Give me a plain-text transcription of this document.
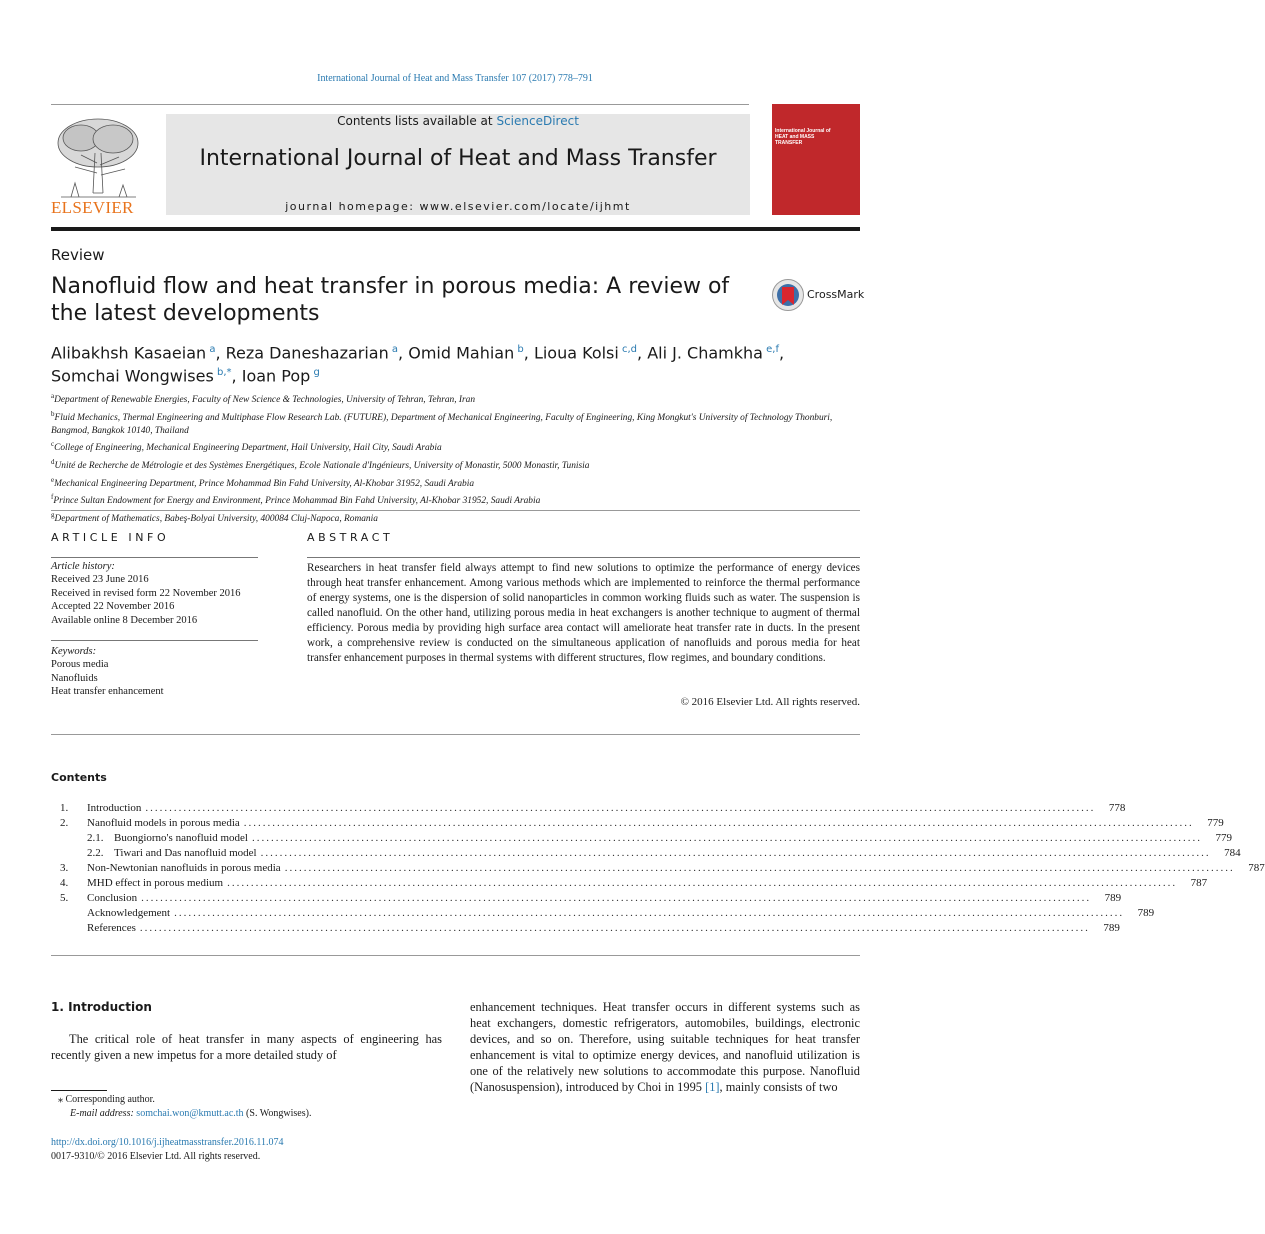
International Journal of Heat and Mass Transfer 107 (2017) 778–791
ELSEVIER
Contents lists available at ScienceDirect
International Journal of Heat and Mass Transfer
journal homepage: www.elsevier.com/locate/ijhmt
International Journal of HEAT and MASS TRANSFER
Review
Nanofluid flow and heat transfer in porous media: A review of the latest developments
CrossMark
Alibakhsh Kasaeian $^a$, Reza Daneshazarian $^a$, Omid Mahian $^b$, Lioua Kolsi $^{c,d}$, Ali J. Chamkha $^{e,f}$,
Somchai Wongwises $^{b,*}$, Ioan Pop $^g$
$^a$Department of Renewable Energies, Faculty of New Science & Technologies, University of Tehran, Tehran, Iran
$^b$Fluid Mechanics, Thermal Engineering and Multiphase Flow Research Lab. (FUTURE), Department of Mechanical Engineering, Faculty of Engineering, King Mongkut's University of Technology Thonburi, Bangmod, Bangkok 10140, Thailand
$^c$College of Engineering, Mechanical Engineering Department, Hail University, Hail City, Saudi Arabia
$^d$Unité de Recherche de Métrologie et des Systèmes Energétiques, Ecole Nationale d'Ingénieurs, University of Monastir, 5000 Monastir, Tunisia
$^e$Mechanical Engineering Department, Prince Mohammad Bin Fahd University, Al-Khobar 31952, Saudi Arabia
$^f$Prince Sultan Endowment for Energy and Environment, Prince Mohammad Bin Fahd University, Al-Khobar 31952, Saudi Arabia
$^g$Department of Mathematics, Babeş-Bolyai University, 400084 Cluj-Napoca, Romania
ARTICLE INFO
Article history:
Received 23 June 2016
Received in revised form 22 November 2016
Accepted 22 November 2016
Available online 8 December 2016
Keywords:
Porous media
Nanofluids
Heat transfer enhancement
ABSTRACT
Researchers in heat transfer field always attempt to find new solutions to optimize the performance of energy devices through heat transfer enhancement. Among various methods which are implemented to reinforce the thermal performance of energy systems, one is the dispersion of solid nanoparticles in common working fluids such as water. The suspension is called nanofluid. On the other hand, utilizing porous media in heat exchangers is another technique to augment of thermal efficiency. Porous media by providing high surface area contact will ameliorate heat transfer rate in ducts. In the present work, a comprehensive review is conducted on the simultaneous application of nanofluids and porous media for heat transfer enhancement purposes in thermal systems with different structures, flow regimes, and boundary conditions.
© 2016 Elsevier Ltd. All rights reserved.
Contents
1.	Introduction ........................................................................................................................................................................................................	778
2.	Nanofluid models in porous media ........................................................................................................................................................................................................	779
2.1. Buongiorno's nanofluid model ........................................................................................................................................................................................................	779
2.2. Tiwari and Das nanofluid model ........................................................................................................................................................................................................	784
3.	Non-Newtonian nanofluids in porous media ........................................................................................................................................................................................................	787
4.	MHD effect in porous medium ........................................................................................................................................................................................................	787
5.	Conclusion ........................................................................................................................................................................................................	789
Acknowledgement ........................................................................................................................................................................................................	789
References ........................................................................................................................................................................................................	789
1. Introduction
The critical role of heat transfer in many aspects of engineering has recently given a new impetus for a more detailed study of
enhancement techniques. Heat transfer occurs in different systems such as heat exchangers, domestic refrigerators, automobiles, buildings, electronic devices, and so on. Therefore, using suitable techniques for heat transfer enhancement is vital to optimize energy devices, and nanofluid utilization is one of the relatively new solutions to accommodate this purpose. Nanofluid (Nanosuspension), introduced by Choi in 1995 [1], mainly consists of two
⁎ Corresponding author.
E-mail address: somchai.won@kmutt.ac.th (S. Wongwises).
http://dx.doi.org/10.1016/j.ijheatmasstransfer.2016.11.074
0017-9310/© 2016 Elsevier Ltd. All rights reserved.
